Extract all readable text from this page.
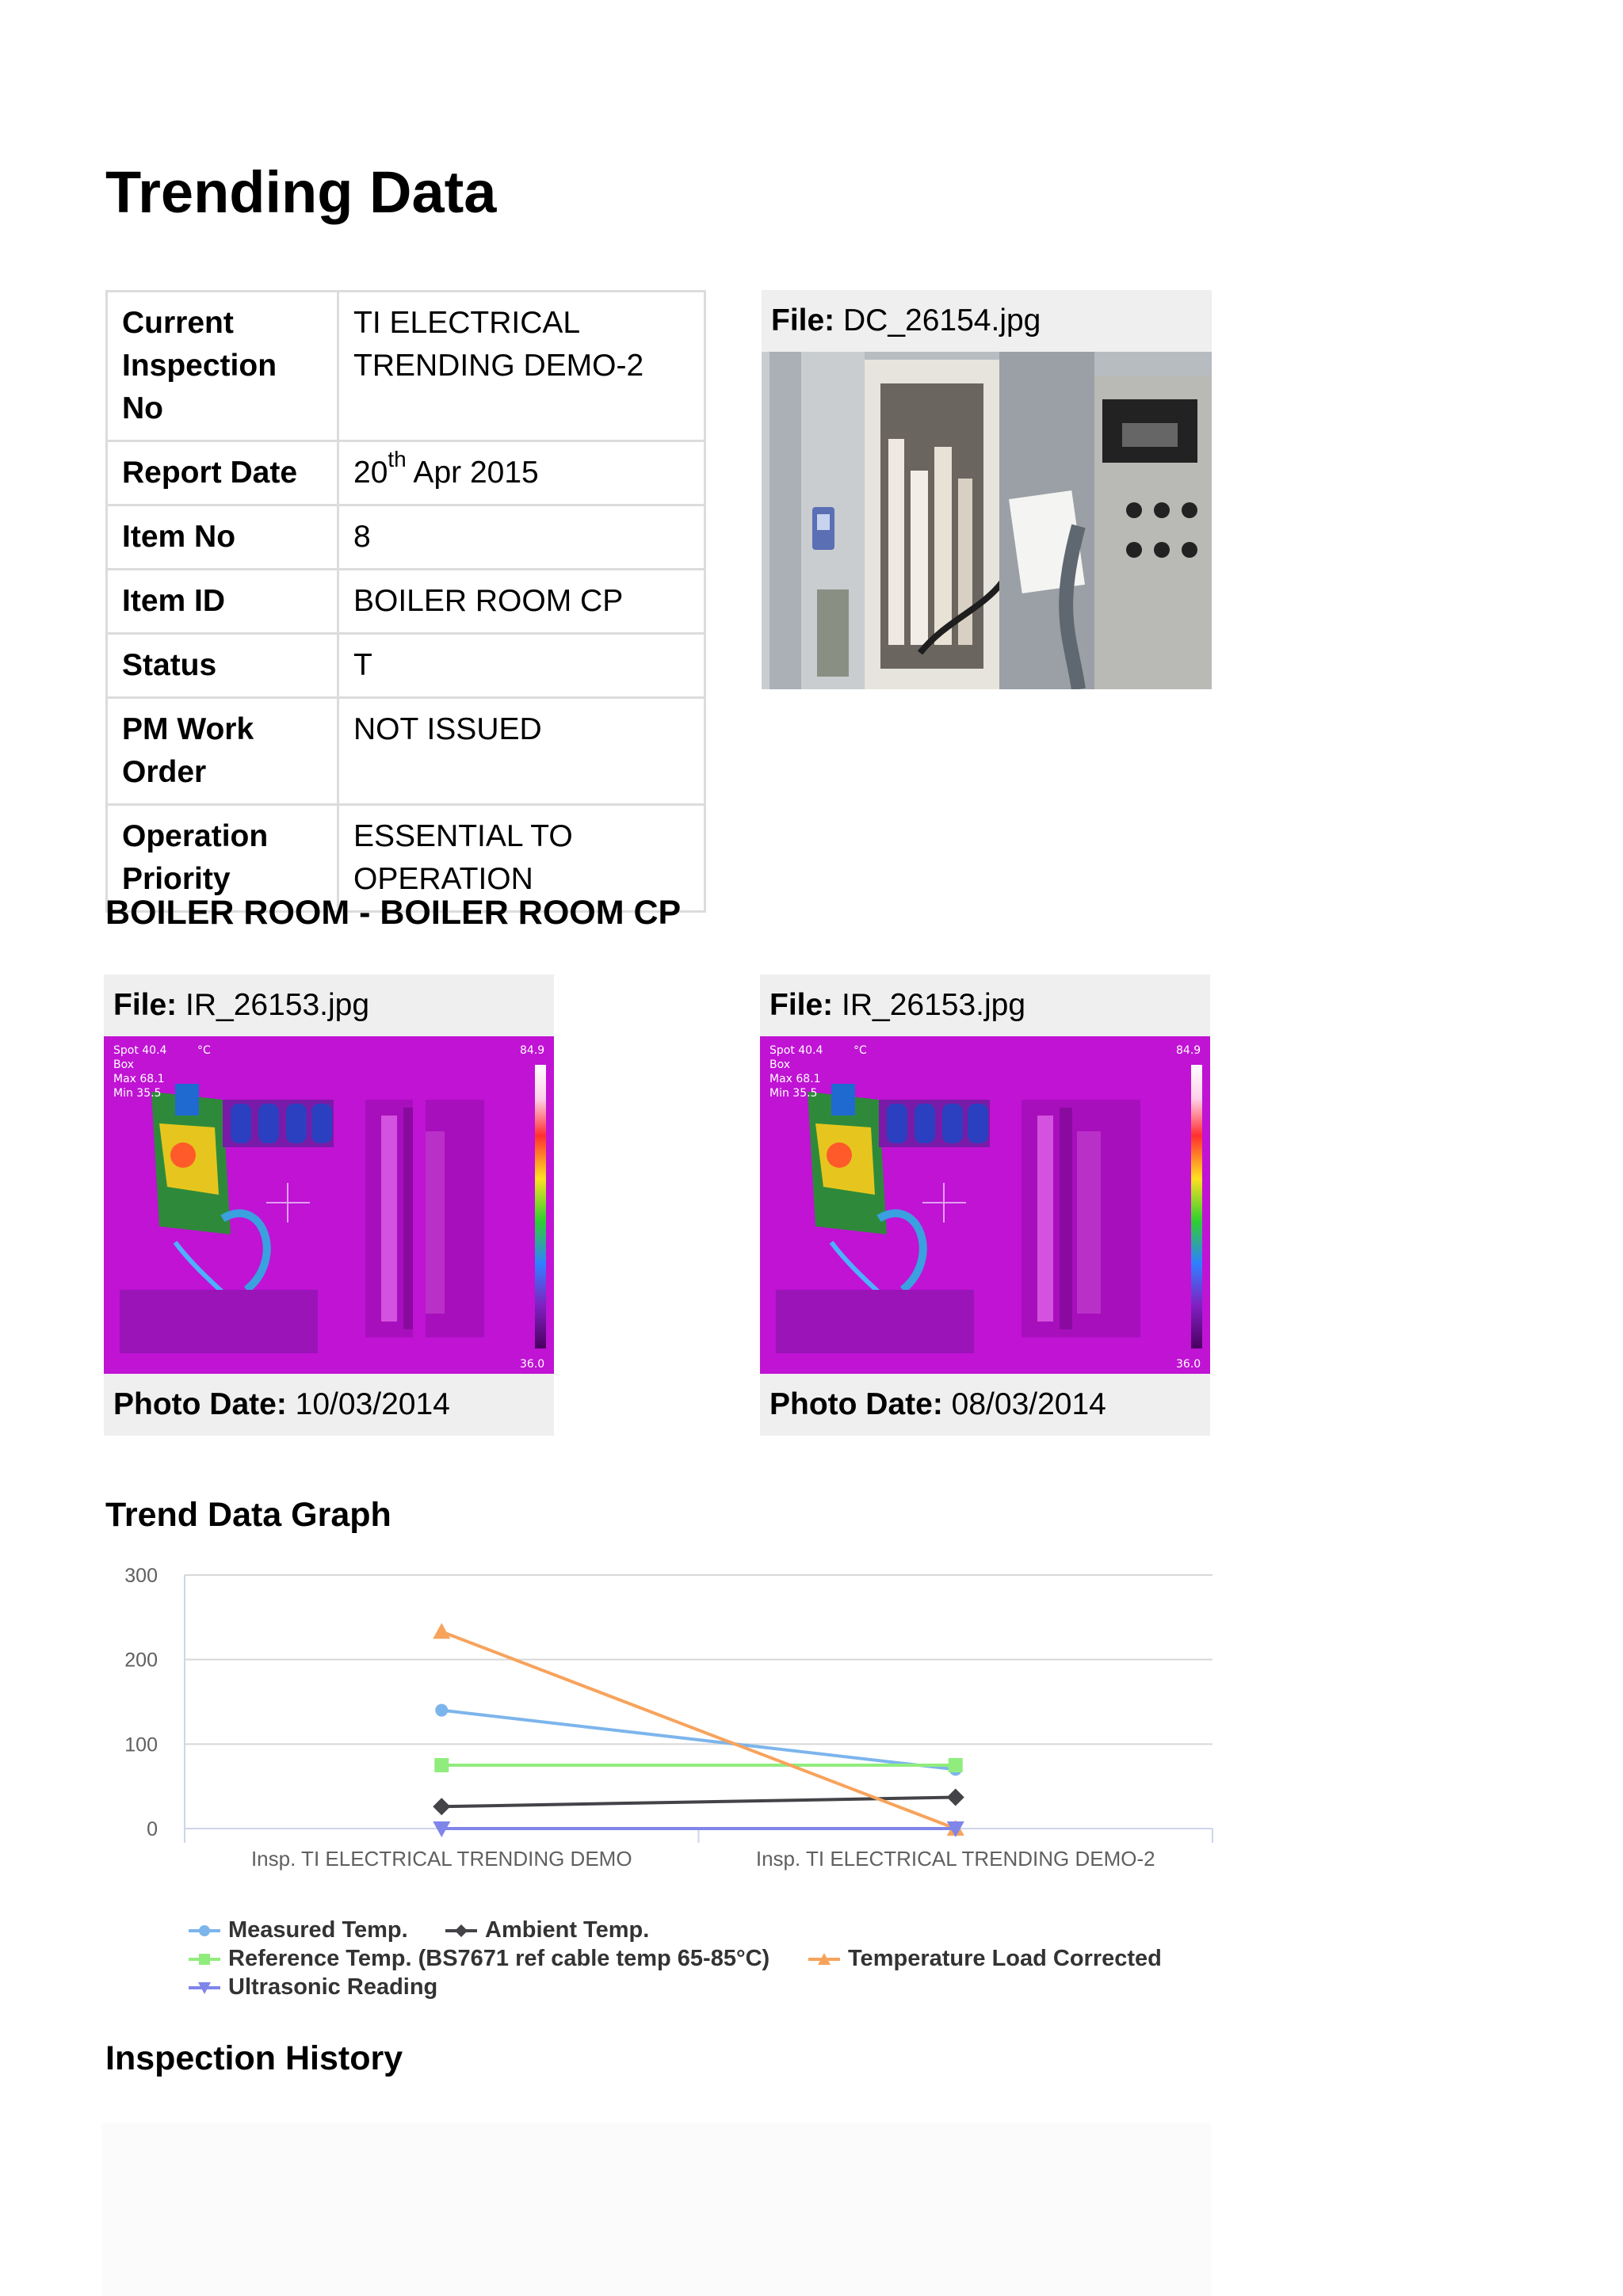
Trending Data
Current Inspection No	TI ELECTRICAL TRENDING DEMO-2
Report Date	20th Apr 2015
Item No	8
Item ID	BOILER ROOM CP
Status	T
PM Work Order	NOT ISSUED
Operation Priority	ESSENTIAL TO OPERATION
File: DC_26154.jpg
BOILER ROOM - BOILER ROOM CP
File: IR_26153.jpg
Spot 40.4	°C
Box
Max 68.1
Min 35.5
84.9
36.0
Photo Date: 10/03/2014
File: IR_26153.jpg
Spot 40.4	°C
Box
Max 68.1
Min 35.5
84.9
36.0
Photo Date: 08/03/2014
Trend Data Graph
0
100
200
300
Insp. TI ELECTRICAL TRENDING DEMO	Insp. TI ELECTRICAL TRENDING DEMO-2
Measured Temp.	Ambient Temp.
Reference Temp. (BS7671 ref cable temp 65-85°C)	Temperature Load Corrected
Ultrasonic Reading
Inspection History
